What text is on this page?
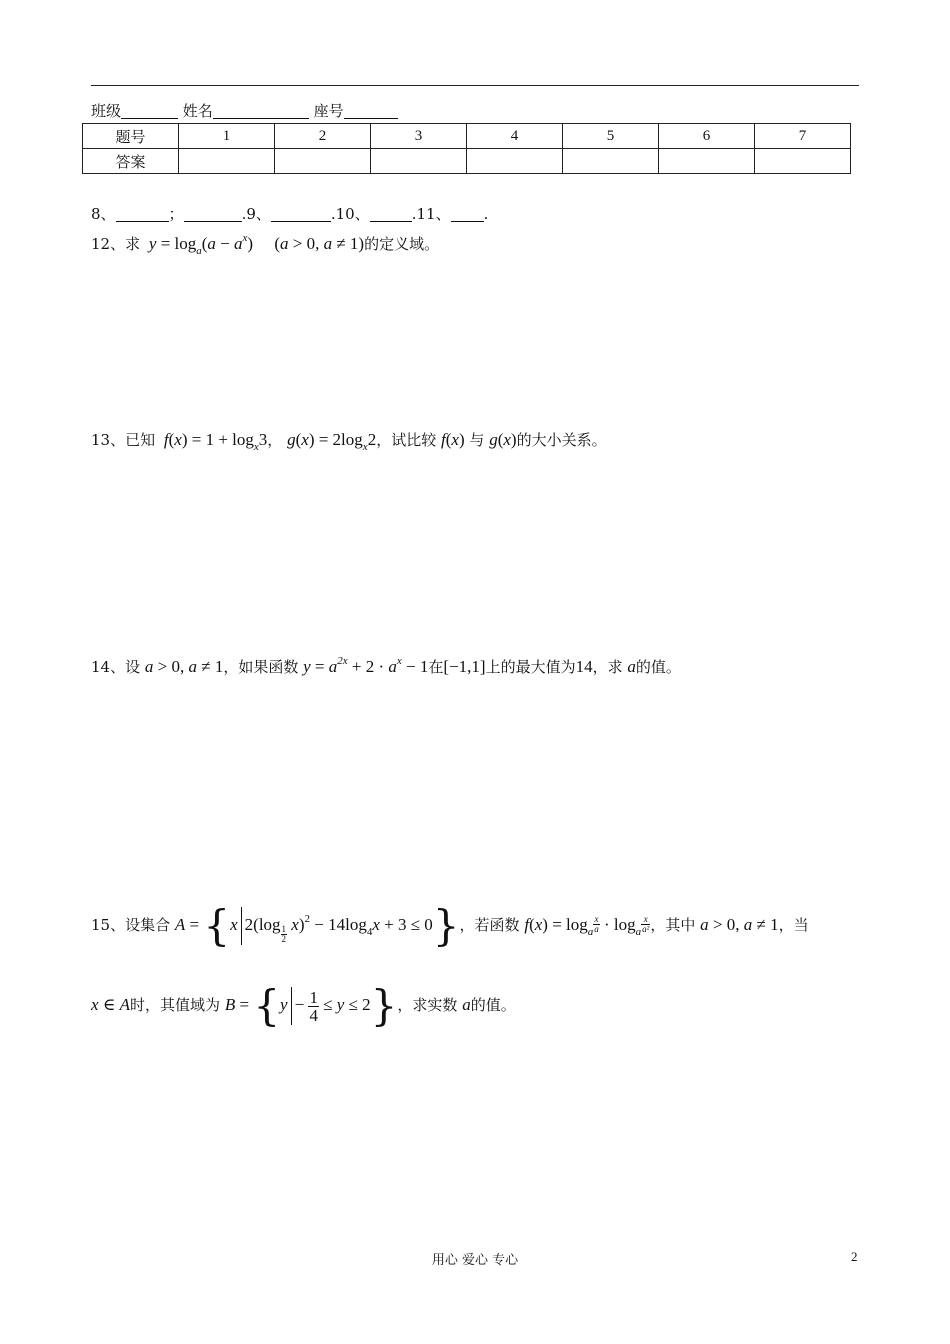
班级	姓名	座号
题号	1	2	3	4	5	6	7
答案							
8、	；	.9、	.10、	.11、 .
12、求 $y = \log_a(a - a^x)$     (a > 0, a ≠ 1)的定义域。
13、已知 $f(x) = 1 + \log_x3$， $g(x) = 2\log_x2$，试比较 f(x) 与 g(x)的大小关系。
14、设 a > 0, a ≠ 1，如果函数 $y = a^{2x} + 2 \cdot a^x - 1$在[−1,1]上的最大值为14，求 a的值。
15、设集合 A = {x 2(log
$\frac{1}{2}$
$x)^2 - 14\log_4x + 3 \le 0$}，若函数 $f(x) = \log_a \frac{x}{a} \cdot \log_a \frac{x}{\text{a²}}$ ，其中 a > 0, a ≠ 1，当
x ∈ A时，其值域为 $B = \{y - \frac{1}{4} \le y \le 2\}$，求实数 a的值。
用心 爱心 专心	2
